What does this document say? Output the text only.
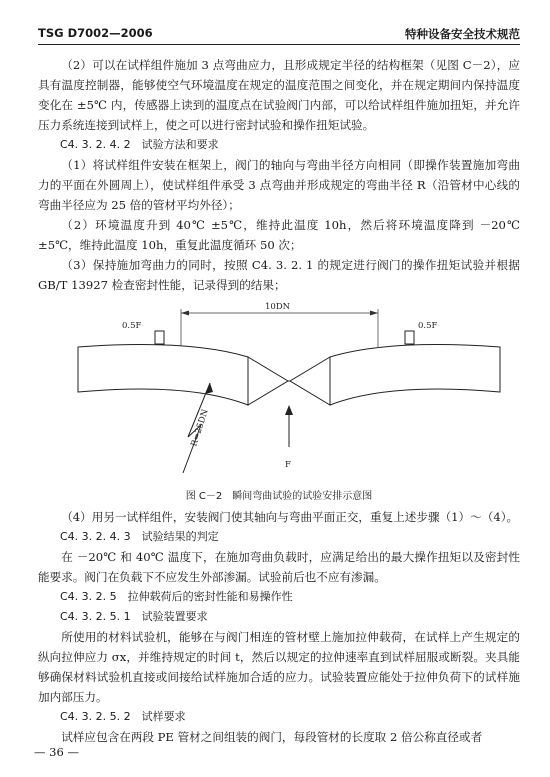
TSG D7002—2006	特种设备安全技术规范

（2）可以在试样组件施加 3 点弯曲应力，且形成规定半径的结构框架（见图 C－2），应具有温度控制器，能够使空气环境温度在规定的温度范围之间变化，并在规定期间内保持温度变化在 ±5℃ 内，传感器上读到的温度点在试验阀门内部，可以给试样组件施加扭矩，并允许压力系统连接到试样上，使之可以进行密封试验和操作扭矩试验。

C4. 3. 2. 4. 2　试验方法和要求

（1）将试样组件安装在框架上，阀门的轴向与弯曲半径方向相同（即操作装置施加弯曲力的平面在外圆周上），使试样组件承受 3 点弯曲并形成规定的弯曲半径 R（沿管材中心线的弯曲半径应为 25 倍的管材平均外径）；

（2）环境温度升到 40℃ ±5℃，维持此温度 10h，然后将环境温度降到 －20℃ ±5℃，维持此温度 10h，重复此温度循环 50 次；

（3）保持施加弯曲力的同时，按照 C4. 3. 2. 1 的规定进行阀门的操作扭矩试验并根据 GB/T 13927 检查密封性能，记录得到的结果；

10DN
0.5F	0.5F
R=25DN
F

图 C－2　瞬间弯曲试验的试验安排示意图

（4）用另一试样组件，安装阀门使其轴向与弯曲平面正交，重复上述步骤（1）～（4）。

C4. 3. 2. 4. 3　试验结果的判定

在 －20℃ 和 40℃ 温度下，在施加弯曲负载时，应满足给出的最大操作扭矩以及密封性能要求。阀门在负载下不应发生外部渗漏。试验前后也不应有渗漏。

C4. 3. 2. 5　拉伸载荷后的密封性能和易操作性

C4. 3. 2. 5. 1　试验装置要求

所使用的材料试验机，能够在与阀门相连的管材壁上施加拉伸载荷，在试样上产生规定的纵向拉伸应力 σx，并维持规定的时间 t，然后以规定的拉伸速率直到试样屈服或断裂。夹具能够确保材料试验机直接或间接给试样施加合适的应力。试验装置应能处于拉伸负荷下的试样施加内部压力。

C4. 3. 2. 5. 2　试样要求

试样应包含在两段 PE 管材之间组装的阀门，每段管材的长度取 2 倍公称直径或者

— 36 —
